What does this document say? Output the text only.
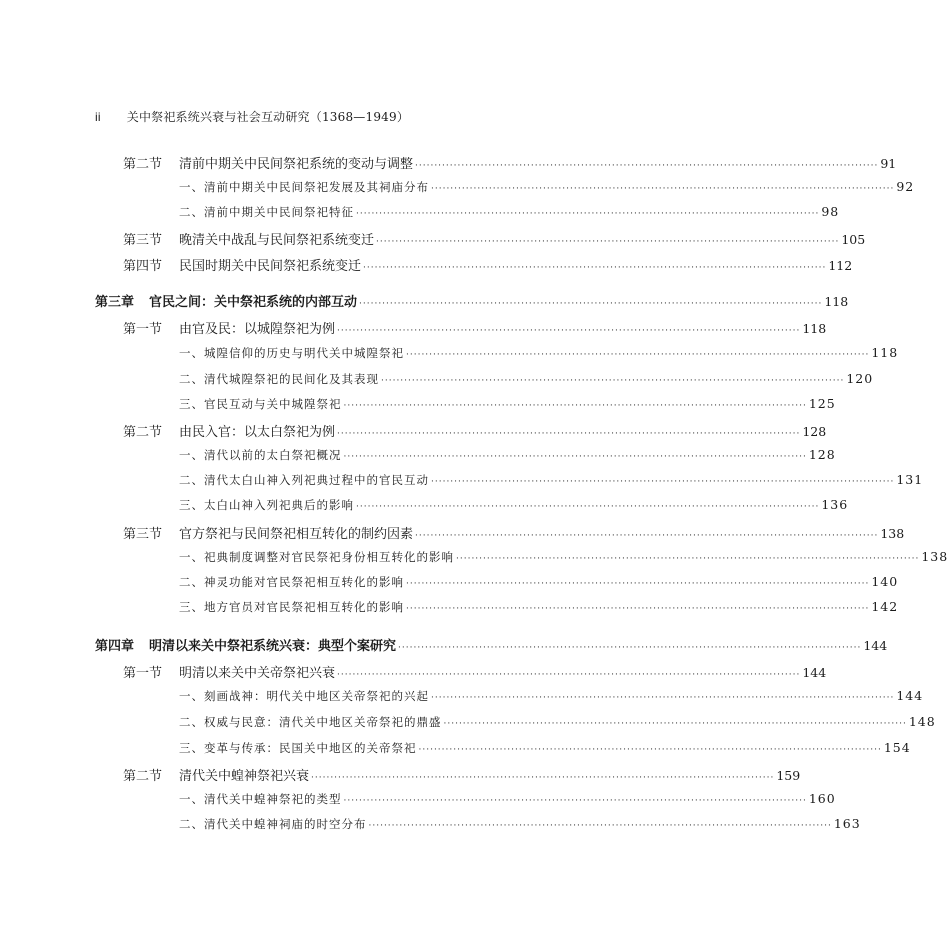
ii 关中祭祀系统兴衰与社会互动研究（1368—1949）
第二节	清前中期关中民间祭祀系统的变动与调整 ························································································································ 91
一、清前中期关中民间祭祀发展及其祠庙分布 ························································································································ 92
二、清前中期关中民间祭祀特征 ························································································································ 98
第三节	晚清关中战乱与民间祭祀系统变迁 ························································································································ 105
第四节	民国时期关中民间祭祀系统变迁 ························································································································ 112
第三章	官民之间：关中祭祀系统的内部互动 ························································································································ 118
第一节	由官及民：以城隍祭祀为例 ························································································································ 118
一、城隍信仰的历史与明代关中城隍祭祀 ························································································································ 118
二、清代城隍祭祀的民间化及其表现 ························································································································ 120
三、官民互动与关中城隍祭祀 ························································································································ 125
第二节	由民入官：以太白祭祀为例 ························································································································ 128
一、清代以前的太白祭祀概况 ························································································································ 128
二、清代太白山神入列祀典过程中的官民互动 ························································································································ 131
三、太白山神入列祀典后的影响 ························································································································ 136
第三节	官方祭祀与民间祭祀相互转化的制约因素 ························································································································ 138
一、祀典制度调整对官民祭祀身份相互转化的影响 ························································································································ 138
二、神灵功能对官民祭祀相互转化的影响 ························································································································ 140
三、地方官员对官民祭祀相互转化的影响 ························································································································ 142
第四章	明清以来关中祭祀系统兴衰：典型个案研究 ························································································································ 144
第一节	明清以来关中关帝祭祀兴衰 ························································································································ 144
一、刻画战神：明代关中地区关帝祭祀的兴起 ························································································································ 144
二、权威与民意：清代关中地区关帝祭祀的鼎盛 ························································································································ 148
三、变革与传承：民国关中地区的关帝祭祀 ························································································································ 154
第二节	清代关中蝗神祭祀兴衰 ························································································································ 159
一、清代关中蝗神祭祀的类型 ························································································································ 160
二、清代关中蝗神祠庙的时空分布 ························································································································ 163
